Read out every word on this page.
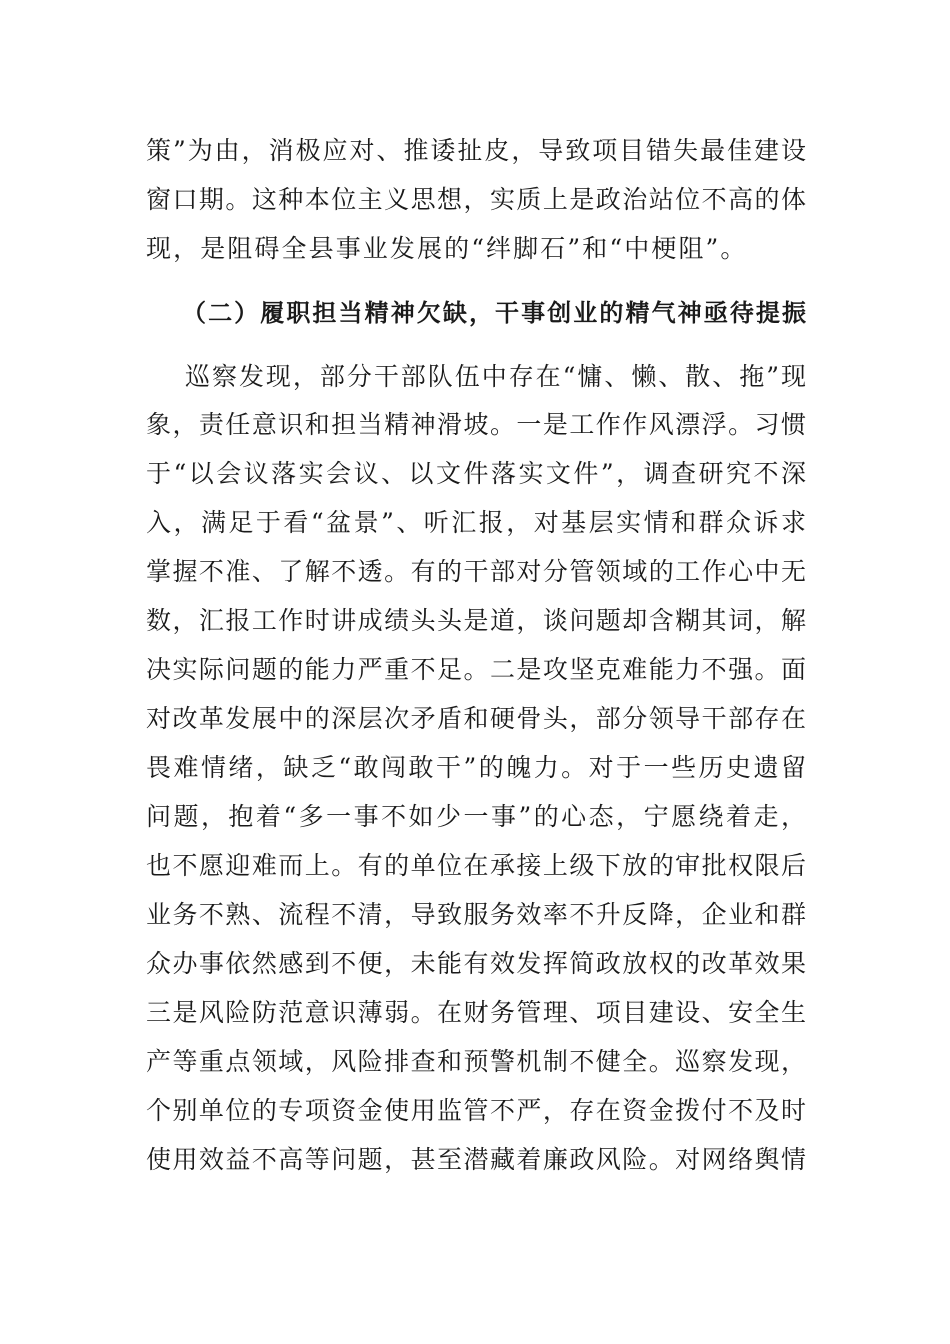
策”为由，消极应对、推诿扯皮，导致项目错失最佳建设
窗口期。这种本位主义思想，实质上是政治站位不高的体
现，是阻碍全县事业发展的“绊脚石”和“中梗阻”。
（二）履职担当精神欠缺，干事创业的精气神亟待提振
巡察发现，部分干部队伍中存在“慵、懒、散、拖”现
象，责任意识和担当精神滑坡。一是工作作风漂浮。习惯
于“以会议落实会议、以文件落实文件”，调查研究不深
入，满足于看“盆景”、听汇报，对基层实情和群众诉求
掌握不准、了解不透。有的干部对分管领域的工作心中无
数，汇报工作时讲成绩头头是道，谈问题却含糊其词，解
决实际问题的能力严重不足。二是攻坚克难能力不强。面
对改革发展中的深层次矛盾和硬骨头，部分领导干部存在
畏难情绪，缺乏“敢闯敢干”的魄力。对于一些历史遗留
问题，抱着“多一事不如少一事”的心态，宁愿绕着走，
也不愿迎难而上。有的单位在承接上级下放的审批权限后
业务不熟、流程不清，导致服务效率不升反降，企业和群
众办事依然感到不便，未能有效发挥简政放权的改革效果
三是风险防范意识薄弱。在财务管理、项目建设、安全生
产等重点领域，风险排查和预警机制不健全。巡察发现，
个别单位的专项资金使用监管不严，存在资金拨付不及时
使用效益不高等问题，甚至潜藏着廉政风险。对网络舆情
